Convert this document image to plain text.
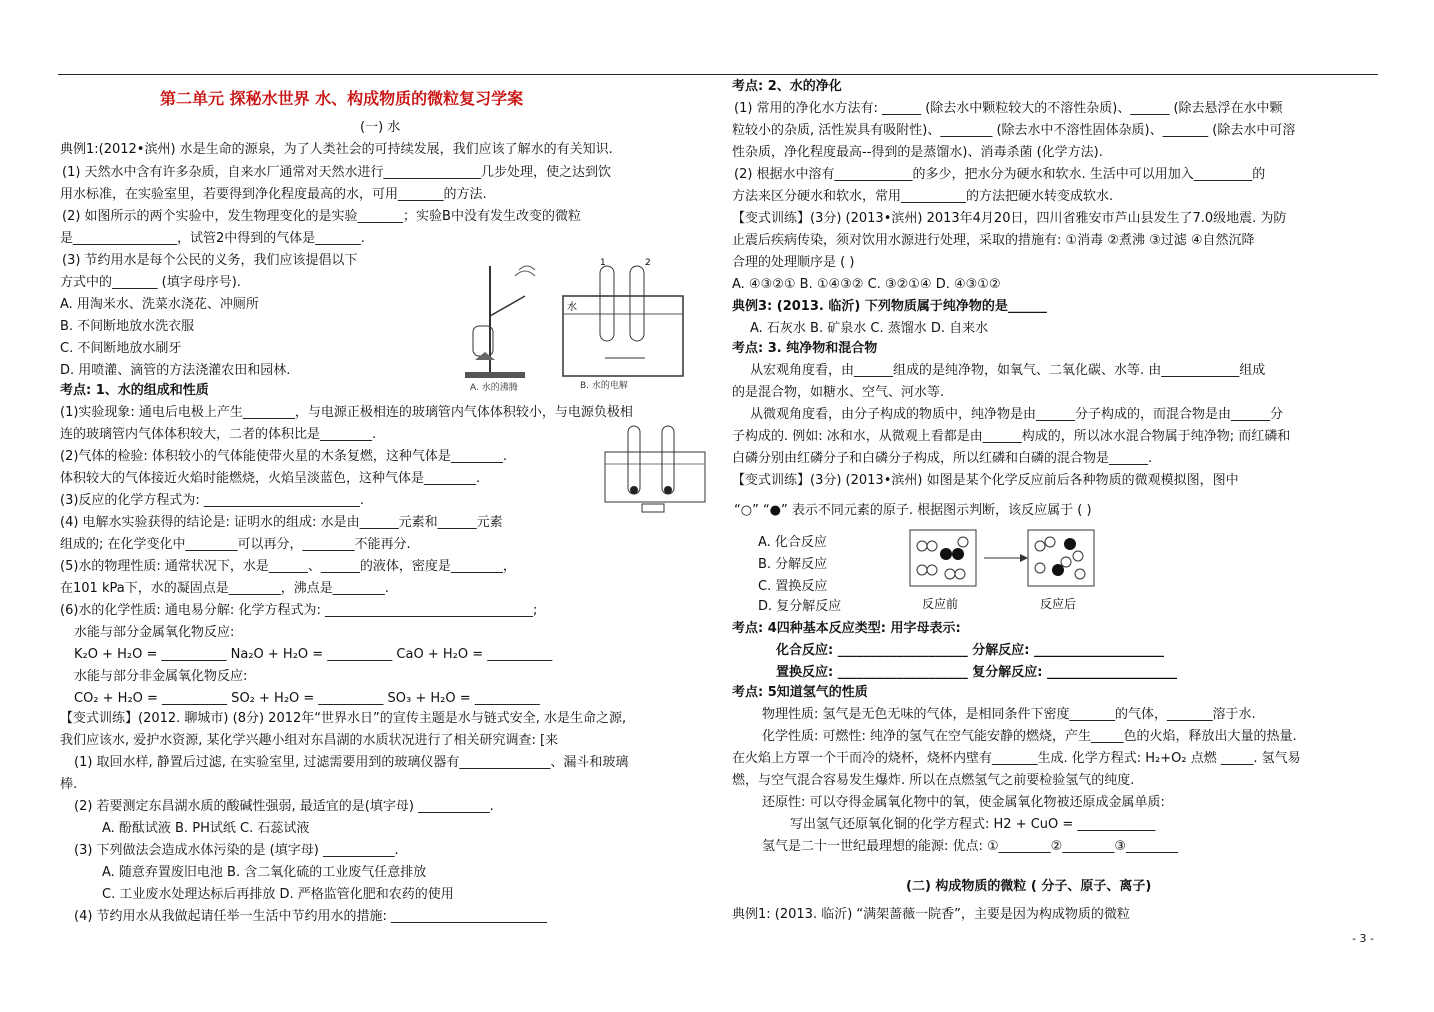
第二单元 探秘水世界 水、构成物质的微粒复习学案
(一) 水
典例1:(2012•滨州) 水是生命的源泉，为了人类社会的可持续发展，我们应该了解水的有关知识.
(1) 天然水中含有许多杂质，自来水厂通常对天然水进行_______________几步处理，使之达到饮
用水标准，在实验室里，若要得到净化程度最高的水，可用_______的方法.
(2) 如图所示的两个实验中，发生物理变化的是实验_______；实验B中没有发生改变的微粒
是________________，试管2中得到的气体是_______.
(3) 节约用水是每个公民的义务，我们应该提倡以下
方式中的_______ (填字母序号).
A. 用淘米水、洗菜水浇花、冲厕所
B. 不间断地放水洗衣服
C. 不间断地放水刷牙
D. 用喷灌、滴管的方法浇灌农田和园林.
考点: 1、水的组成和性质
(1)实验现象: 通电后电极上产生________，与电源正极相连的玻璃管内气体体积较小，与电源负极相
连的玻璃管内气体体积较大，二者的体积比是________.
(2)气体的检验: 体积较小的气体能使带火星的木条复燃，这种气体是________.
体积较大的气体接近火焰时能燃烧，火焰呈淡蓝色，这种气体是________.
(3)反应的化学方程式为: ________________________.
(4) 电解水实验获得的结论是: 证明水的组成: 水是由______元素和______元素
组成的; 在化学变化中________可以再分，________不能再分.
(5)水的物理性质: 通常状况下，水是______、______的液体，密度是________，
在101 kPa下，水的凝固点是________，沸点是________.
(6)水的化学性质: 通电易分解: 化学方程式为: ________________________________;
水能与部分金属氧化物反应:
K₂O + H₂O = __________ Na₂O + H₂O = __________ CaO + H₂O = __________
水能与部分非金属氧化物反应:
CO₂ + H₂O = __________ SO₂ + H₂O = __________ SO₃ + H₂O = __________
【变式训练】(2012. 聊城市) (8分) 2012年“世界水日”的宣传主题是水与链式安全, 水是生命之源,
我们应该水, 爱护水资源, 某化学兴趣小组对东昌湖的水质状况进行了相关研究调查: [来
(1) 取回水样, 静置后过滤, 在实验室里, 过滤需要用到的玻璃仪器有______________、漏斗和玻璃
棒.
(2) 若要测定东昌湖水质的酸碱性强弱, 最适宜的是(填字母) ___________.
A. 酚酞试液 B. PH试纸 C. 石蕊试液
(3) 下列做法会造成水体污染的是 (填字母) ___________.
A. 随意弃置废旧电池 B. 含二氧化硫的工业废气任意排放
C. 工业废水处理达标后再排放 D. 严格监管化肥和农药的使用
(4) 节约用水从我做起请任举一生活中节约用水的措施: ________________________
A. 水的沸腾
1	2
水
B. 水的电解
考点: 2、水的净化
(1) 常用的净化水方法有: ______ (除去水中颗粒较大的不溶性杂质)、______ (除去悬浮在水中颗
粒较小的杂质, 活性炭具有吸附性)、________ (除去水中不溶性固体杂质)、_______ (除去水中可溶
性杂质，净化程度最高--得到的是蒸馏水)、消毒杀菌 (化学方法).
(2) 根据水中溶有____________的多少，把水分为硬水和软水. 生活中可以用加入_________的
方法来区分硬水和软水，常用__________的方法把硬水转变成软水.
【变式训练】(3分) (2013•滨州) 2013年4月20日，四川省雅安市芦山县发生了7.0级地震. 为防
止震后疾病传染，须对饮用水源进行处理，采取的措施有: ①消毒 ②煮沸 ③过滤 ④自然沉降
合理的处理顺序是 ( )
A. ④③②① B. ①④③② C. ③②①④ D. ④③①②
典例3: (2013. 临沂) 下列物质属于纯净物的是______
A. 石灰水 B. 矿泉水 C. 蒸馏水 D. 自来水
考点: 3. 纯净物和混合物
从宏观角度看，由______组成的是纯净物，如氧气、二氧化碳、水等. 由____________组成
的是混合物，如糖水、空气、河水等.
从微观角度看，由分子构成的物质中，纯净物是由______分子构成的，而混合物是由______分
子构成的. 例如: 冰和水，从微观上看都是由______构成的，所以冰水混合物属于纯净物; 而红磷和
白磷分别由红磷分子和白磷分子构成，所以红磷和白磷的混合物是______.
【变式训练】(3分) (2013•滨州) 如图是某个化学反应前后各种物质的微观模拟图，图中
“○” “●” 表示不同元素的原子. 根据图示判断，该反应属于 ( )
A. 化合反应
B. 分解反应
C. 置换反应
D. 复分解反应
考点: 4四种基本反应类型: 用字母表示:
化合反应: ____________________ 分解反应: ____________________
置换反应: ____________________ 复分解反应: ____________________
考点: 5知道氢气的性质
物理性质: 氢气是无色无味的气体，是相同条件下密度_______的气体，_______溶于水.
化学性质: 可燃性: 纯净的氢气在空气能安静的燃烧，产生_____色的火焰，释放出大量的热量.
在火焰上方罩一个干而冷的烧杯，烧杯内壁有_______生成. 化学方程式: H₂+O₂ 点燃 _____. 氢气易
燃，与空气混合容易发生爆炸. 所以在点燃氢气之前要检验氢气的纯度.
还原性: 可以夺得金属氧化物中的氧，使金属氧化物被还原成金属单质:
写出氢气还原氧化铜的化学方程式: H2 + CuO = ____________
氢气是二十一世纪最理想的能源: 优点: ①________②________③________
(二) 构成物质的微粒 ( 分子、原子、离子)
典例1: (2013. 临沂) “满架蔷薇一院香”，主要是因为构成物质的微粒
反应前	反应后
- 3 -
